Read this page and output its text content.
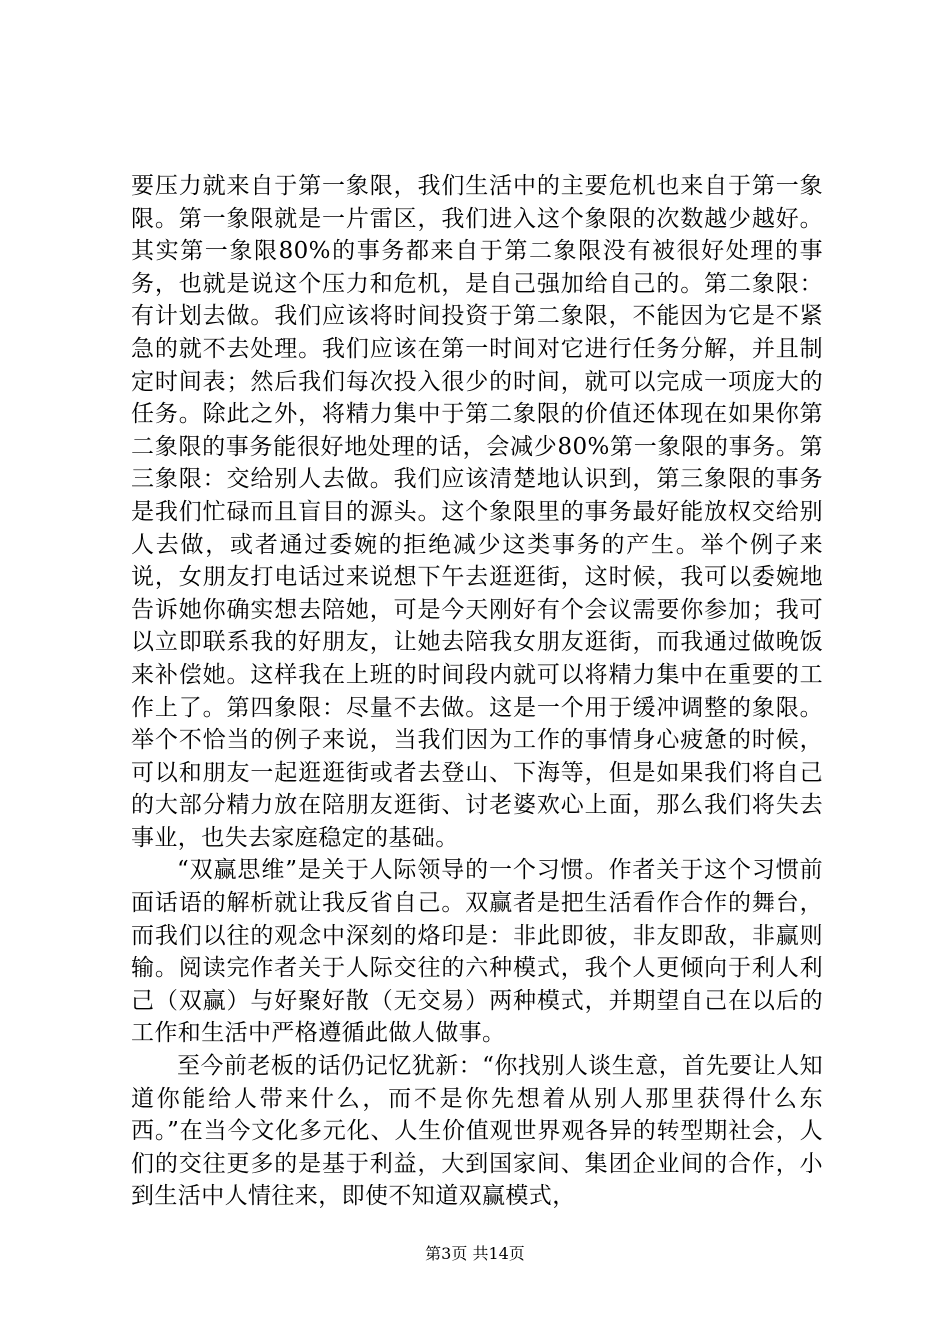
要压力就来自于第一象限，我们生活中的主要危机也来自于第一象限。第一象限就是一片雷区，我们进入这个象限的次数越少越好。其实第一象限80%的事务都来自于第二象限没有被很好处理的事务，也就是说这个压力和危机，是自己强加给自己的。第二象限：有计划去做。我们应该将时间投资于第二象限，不能因为它是不紧急的就不去处理。我们应该在第一时间对它进行任务分解，并且制定时间表；然后我们每次投入很少的时间，就可以完成一项庞大的任务。除此之外，将精力集中于第二象限的价值还体现在如果你第二象限的事务能很好地处理的话，会减少80%第一象限的事务。第三象限：交给别人去做。我们应该清楚地认识到，第三象限的事务是我们忙碌而且盲目的源头。这个象限里的事务最好能放权交给别人去做，或者通过委婉的拒绝减少这类事务的产生。举个例子来说，女朋友打电话过来说想下午去逛逛街，这时候，我可以委婉地告诉她你确实想去陪她，可是今天刚好有个会议需要你参加；我可以立即联系我的好朋友，让她去陪我女朋友逛街，而我通过做晚饭来补偿她。这样我在上班的时间段内就可以将精力集中在重要的工作上了。第四象限：尽量不去做。这是一个用于缓冲调整的象限。举个不恰当的例子来说，当我们因为工作的事情身心疲惫的时候，可以和朋友一起逛逛街或者去登山、下海等，但是如果我们将自己的大部分精力放在陪朋友逛街、讨老婆欢心上面，那么我们将失去事业，也失去家庭稳定的基础。

“双赢思维”是关于人际领导的一个习惯。作者关于这个习惯前面话语的解析就让我反省自己。双赢者是把生活看作合作的舞台，而我们以往的观念中深刻的烙印是：非此即彼，非友即敌，非赢则输。阅读完作者关于人际交往的六种模式，我个人更倾向于利人利己（双赢）与好聚好散（无交易）两种模式，并期望自己在以后的工作和生活中严格遵循此做人做事。

至今前老板的话仍记忆犹新：“你找别人谈生意，首先要让人知道你能给人带来什么，而不是你先想着从别人那里获得什么东西。”在当今文化多元化、人生价值观世界观各异的转型期社会，人们的交往更多的是基于利益，大到国家间、集团企业间的合作，小到生活中人情往来，即使不知道双赢模式，

第3页 共14页
